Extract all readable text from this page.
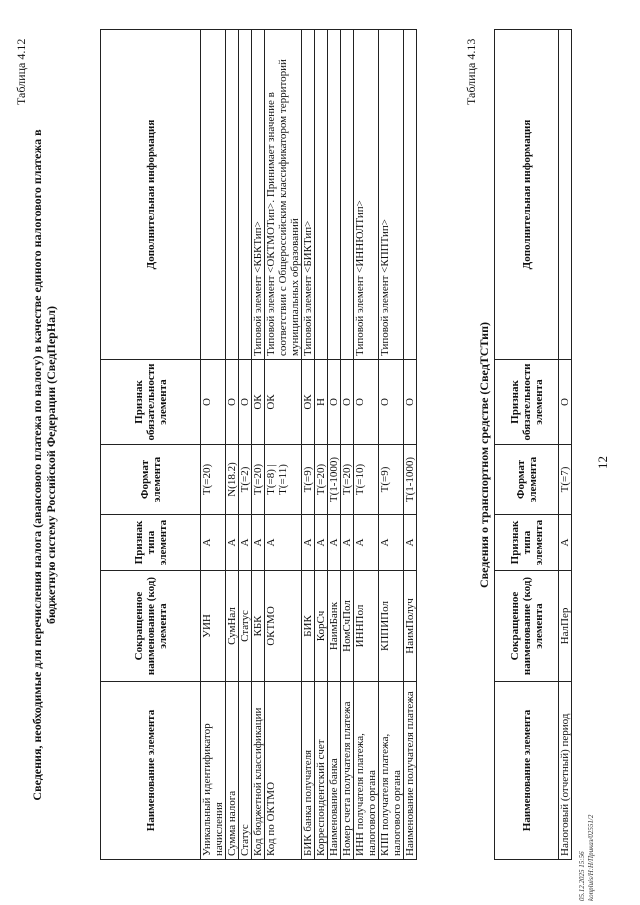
12
Таблица 4.12
Сведения, необходимые для перечисления налога (авансового платежа по налогу) в качестве единого налогового платежа в бюджетную систему Российской Федерации (СведПерНал)
Наименование элемента	Сокращенное наименование (код) элемента	Признак типа элемента	Формат элемента	Признак обязательности элемента	Дополнительная информация
Уникальный идентификатор начисления	УИН	А	T(=20)	О	
Сумма налога	СумНал	А	N(18.2)	О	
Статус	Статус	А	T(=2)	О	
Код бюджетной классификации	КБК	А	T(=20)	ОК	Типовой элемент <КБКТип>
Код по ОКТМО	ОКТМО	А	T(=8) | T(=11)	ОК	Типовой элемент <ОКТМОТип>. Принимает значение в соответствии с Общероссийским классификатором территорий муниципальных образований
БИК банка получателя	БИК	А	T(=9)	ОК	Типовой элемент <БИКТип>
Корреспондентский счет	КорСч	А	T(=20)	Н	
Наименование банка	НаимБанк	А	T(1-1000)	О	
Номер счета получателя платежа	НомСчПол	А	T(=20)	О	
ИНН получателя платежа, налогового органа	ИННПол	А	T(=10)	О	Типовой элемент <ИННЮЛТип>
КПП получателя платежа, налогового органа	КППИПол	А	T(=9)	О	Типовой элемент <КППТип>
Наименование получателя платежа	НаимПолуч	А	T(1-1000)	О	
Таблица 4.13
Сведения о транспортном средстве (СведТСТип)
Наименование элемента	Сокращенное наименование (код) элемента	Признак типа элемента	Формат элемента	Признак обязательности элемента	Дополнительная информация
Налоговый (отчетный) период	НалПер	А	T(=7)	О	
05.12.2025 15:56 konpluis/H:H/Приказ/02551/2
